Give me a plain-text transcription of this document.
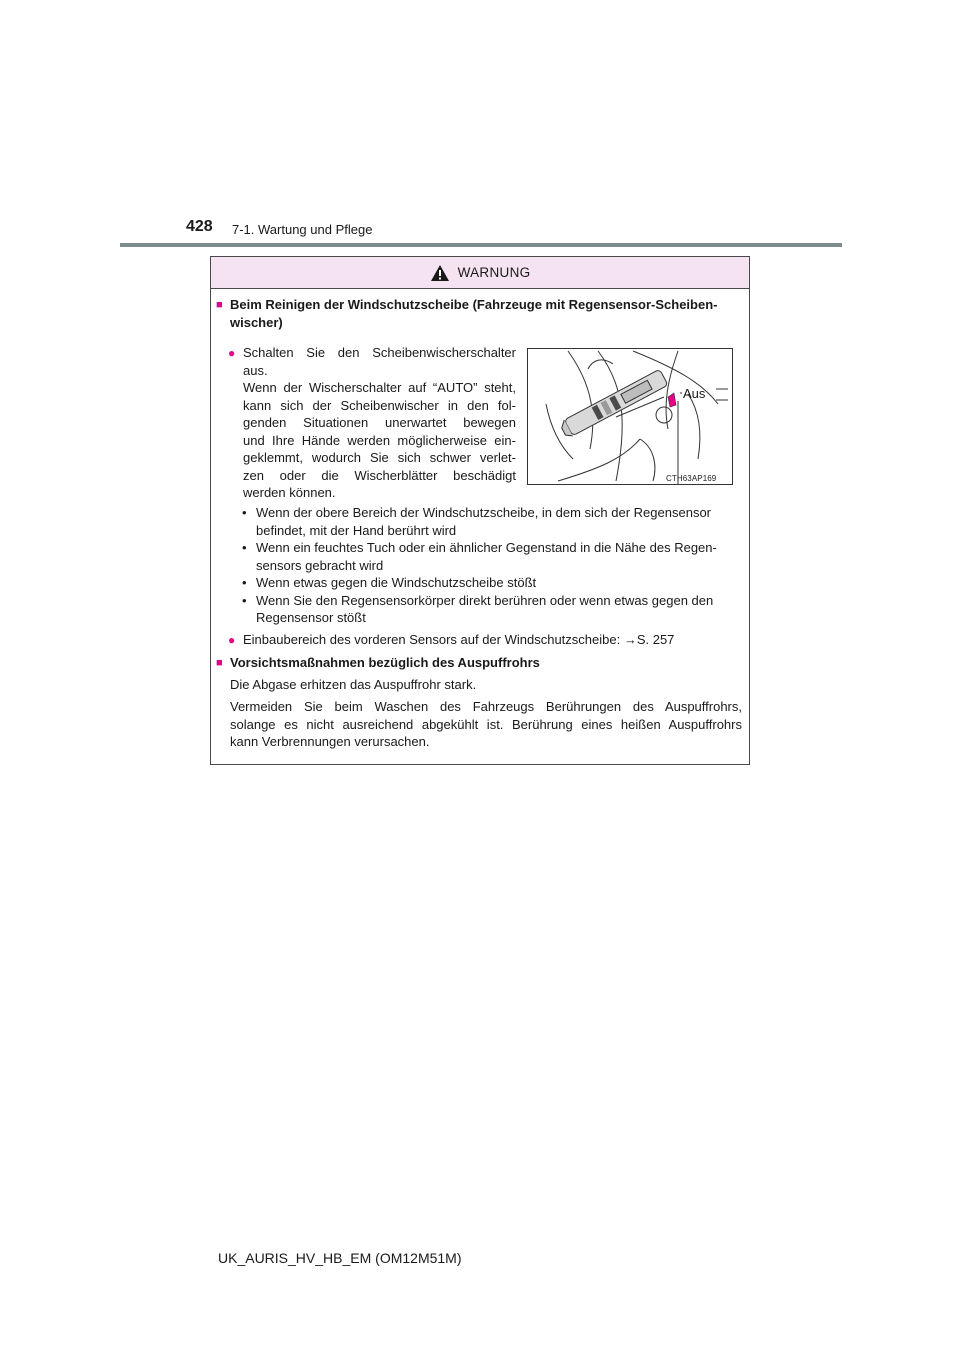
428 7-1. Wartung und Pflege
WARNUNG
■ Beim Reinigen der Windschutzscheibe (Fahrzeuge mit Regensensor-Scheiben-
wischer)
● Schalten Sie den Scheibenwischerschalter
aus.
Wenn der Wischerschalter auf “AUTO” steht,
kann sich der Scheibenwischer in den fol-
genden Situationen unerwartet bewegen
und Ihre Hände werden möglicherweise ein-
geklemmt, wodurch Sie sich schwer verlet-
zen oder die Wischerblätter beschädigt
werden können.
Aus
CTH63AP169
• Wenn der obere Bereich der Windschutzscheibe, in dem sich der Regensensor
befindet, mit der Hand berührt wird
• Wenn ein feuchtes Tuch oder ein ähnlicher Gegenstand in die Nähe des Regen-
sensors gebracht wird
• Wenn etwas gegen die Windschutzscheibe stößt
• Wenn Sie den Regensensorkörper direkt berühren oder wenn etwas gegen den
Regensensor stößt
● Einbaubereich des vorderen Sensors auf der Windschutzscheibe: →S. 257
■ Vorsichtsmaßnahmen bezüglich des Auspuffrohrs
Die Abgase erhitzen das Auspuffrohr stark.
Vermeiden Sie beim Waschen des Fahrzeugs Berührungen des Auspuffrohrs,
solange es nicht ausreichend abgekühlt ist. Berührung eines heißen Auspuffrohrs
kann Verbrennungen verursachen.
UK_AURIS_HV_HB_EM (OM12M51M)
